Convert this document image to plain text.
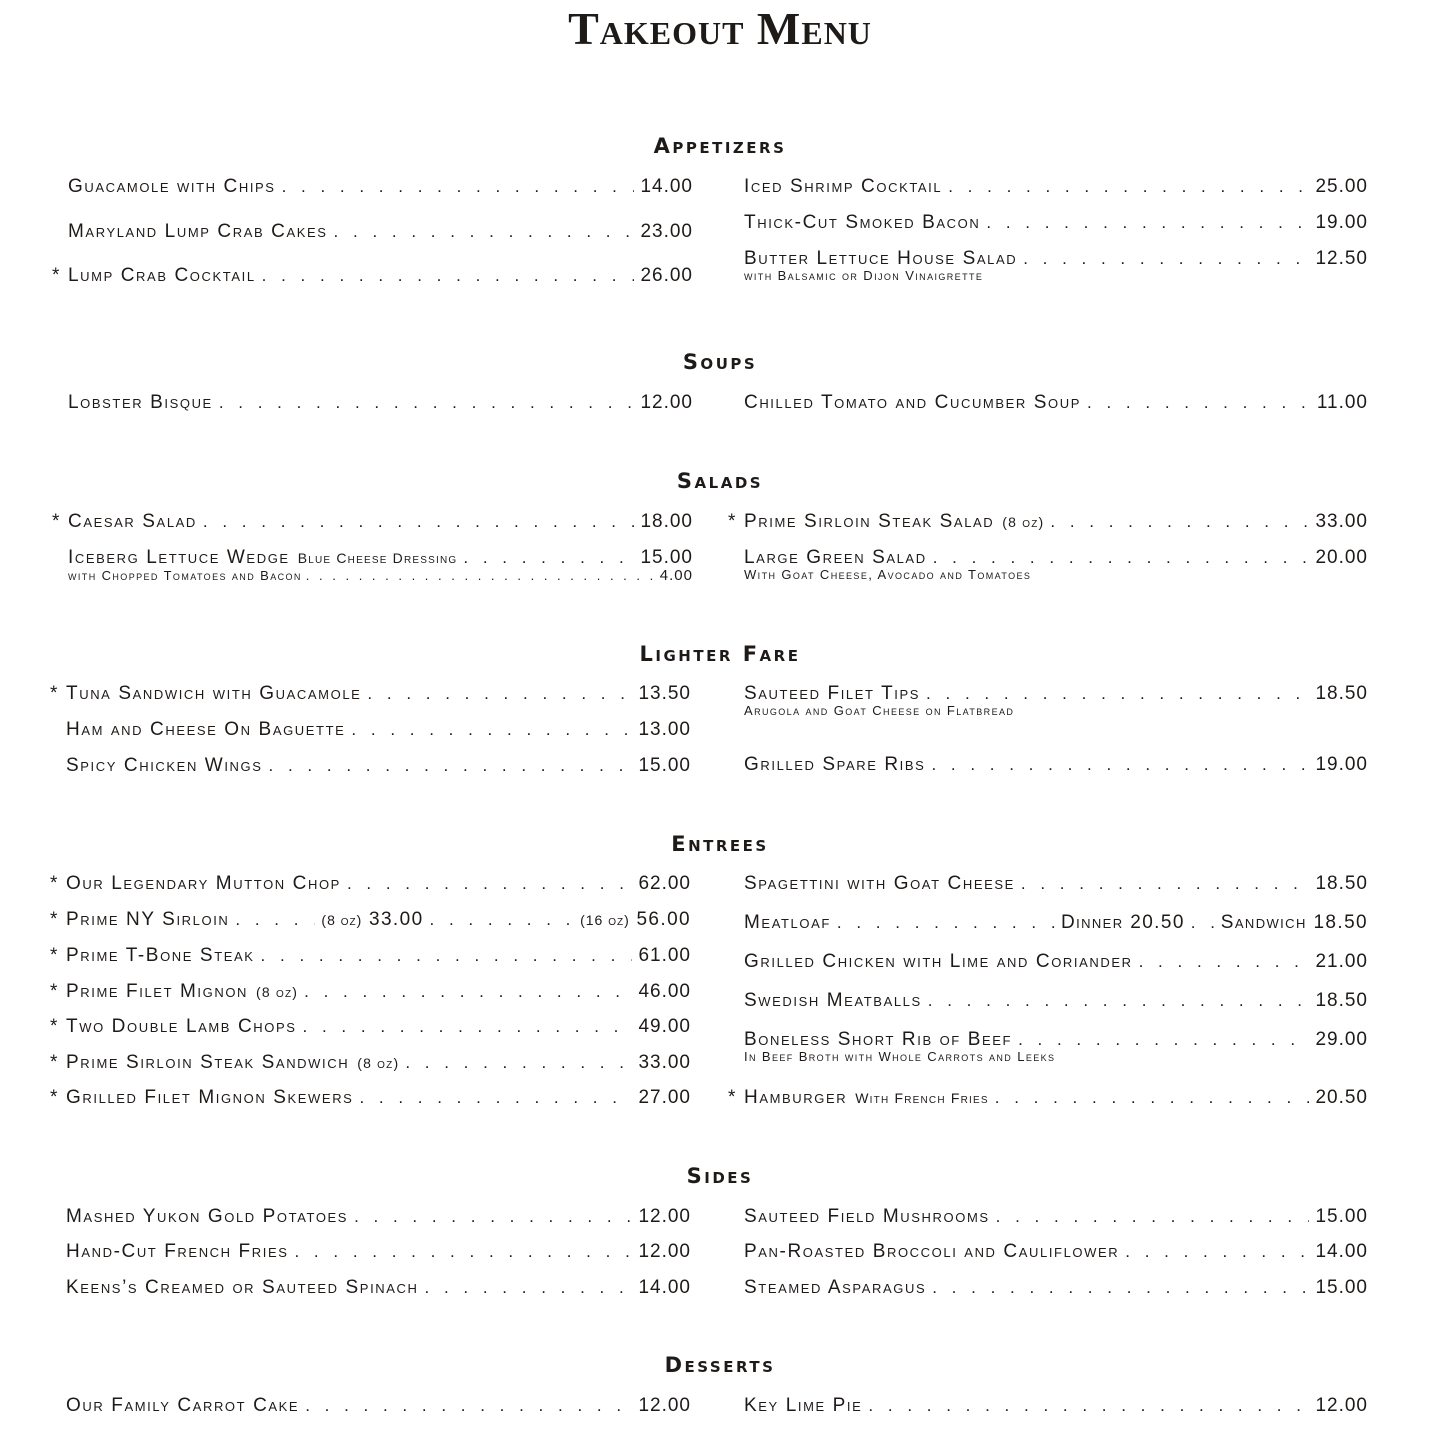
Takeout Menu
Appetizers
Guacamole with Chips . . .	14.00
Maryland Lump Crab Cakes . . .	23.00
* Lump Crab Cocktail . . .	26.00
Iced Shrimp Cocktail . . .	25.00
Thick-Cut Smoked Bacon . . .	19.00
Butter Lettuce House Salad . . .	12.50
with Balsamic or Dijon Vinaigrette
Soups
Lobster Bisque . . .	12.00	Chilled Tomato and Cucumber Soup . . .	11.00
Salads
* Caesar Salad . . .	18.00
Iceberg Lettuce Wedge Blue Cheese Dressing . . .	15.00
with Chopped Tomatoes and Bacon . . .	4.00
* Prime Sirloin Steak Salad (8 oz) . . .	33.00
Large Green Salad . . .	20.00
With Goat Cheese, Avocado and Tomatoes
Lighter Fare
* Tuna Sandwich with Guacamole . . .	13.50
Ham and Cheese On Baguette . . .	13.00
Spicy Chicken Wings . . .	15.00
Sauteed Filet Tips . . .	18.50
Arugola and Goat Cheese on Flatbread
Grilled Spare Ribs . . .	19.00
Entrees
* Our Legendary Mutton Chop . . .	62.00
* Prime NY Sirloin . . .	(8 oz) 33.00 . . .	(16 oz) 56.00
* Prime T-Bone Steak . . .	61.00
* Prime Filet Mignon (8 oz) . . .	46.00
* Two Double Lamb Chops . . .	49.00
* Prime Sirloin Steak Sandwich (8 oz) . . .	33.00
* Grilled Filet Mignon Skewers . . .	27.00
Spagettini with Goat Cheese . . .	18.50
Meatloaf . . .	Dinner 20.50 . . . Sandwich 18.50
Grilled Chicken with Lime and Coriander . . .	21.00
Swedish Meatballs . . .	18.50
Boneless Short Rib of Beef . . .	29.00
In Beef Broth with Whole Carrots and Leeks
* Hamburger With French Fries . . .	20.50
Sides
Mashed Yukon Gold Potatoes . . .	12.00
Hand-Cut French Fries . . .	12.00
Keens’s Creamed or Sauteed Spinach . . .	14.00
Sauteed Field Mushrooms . . .	15.00
Pan-Roasted Broccoli and Cauliflower . . .	14.00
Steamed Asparagus . . .	15.00
Desserts
Our Family Carrot Cake . . .	12.00	Key Lime Pie . . .	12.00
